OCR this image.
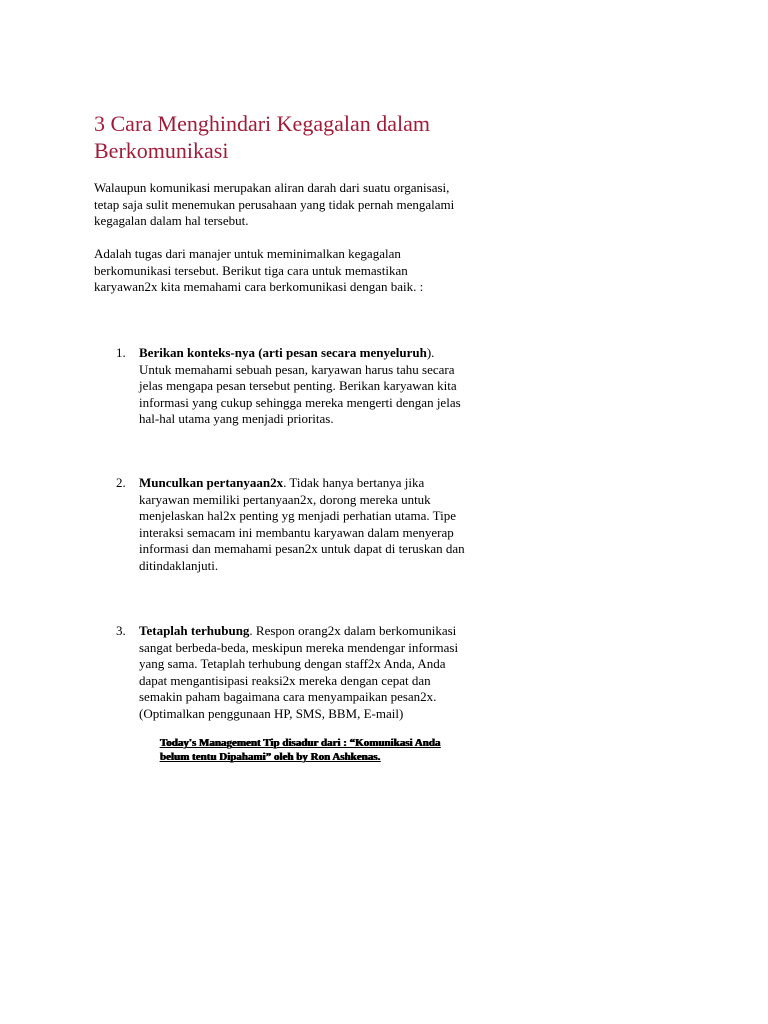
3 Cara Menghindari Kegagalan dalam
Berkomunikasi

Walaupun komunikasi merupakan aliran darah dari suatu organisasi,
tetap saja sulit menemukan perusahaan yang tidak pernah mengalami
kegagalan dalam hal tersebut.

Adalah tugas dari manajer untuk meminimalkan kegagalan
berkomunikasi tersebut. Berikut tiga cara untuk memastikan
karyawan2x kita memahami cara berkomunikasi dengan baik. :

1. Berikan konteks-nya (arti pesan secara menyeluruh).
Untuk memahami sebuah pesan, karyawan harus tahu secara
jelas mengapa pesan tersebut penting. Berikan karyawan kita
informasi yang cukup sehingga mereka mengerti dengan jelas
hal-hal utama yang menjadi prioritas.
2. Munculkan pertanyaan2x. Tidak hanya bertanya jika
karyawan memiliki pertanyaan2x, dorong mereka untuk
menjelaskan hal2x penting yg menjadi perhatian utama. Tipe
interaksi semacam ini membantu karyawan dalam menyerap
informasi dan memahami pesan2x untuk dapat di teruskan dan
ditindaklanjuti.
3. Tetaplah terhubung. Respon orang2x dalam berkomunikasi
sangat berbeda-beda, meskipun mereka mendengar informasi
yang sama. Tetaplah terhubung dengan staff2x Anda, Anda
dapat mengantisipasi reaksi2x mereka dengan cepat dan
semakin paham bagaimana cara menyampaikan pesan2x.
(Optimalkan penggunaan HP, SMS, BBM, E-mail)
Today's Management Tip disadur dari : “Komunikasi Anda
belum tentu Dipahami” oleh by Ron Ashkenas.
